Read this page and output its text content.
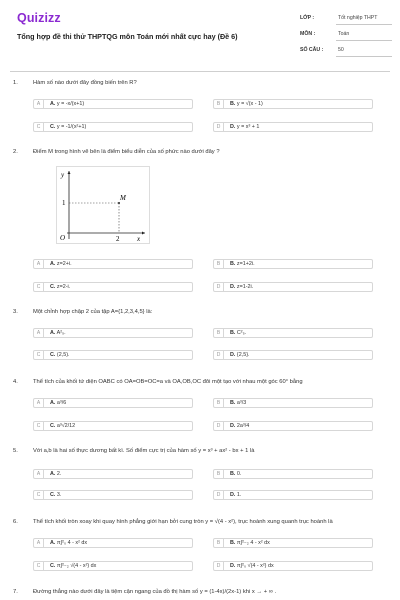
Quizizz
Tổng hợp đề thi thử THPTQG môn Toán mới nhất cực hay (Đề 6)
LỚP :	Tốt nghiệp THPT
MÔN :	Toán
SỐ CÂU :	50
1.	Hàm số nào dưới đây đồng biến trên R?
A	A. y = -x/(x+1)	B	B. y = √(x - 1)
C	C. y = -1/(x²+1)	D	D. y = x³ + 1
2.	Điểm M trong hình vẽ bên là điểm biểu diễn của số phức nào dưới đây ?
y
x
O
1
2
M
A	A. z=2+i.	B	B. z=1+2i.
C	C. z=2-i.	D	D. z=1-2i.
3.	Một chỉnh hợp chập 2 của tập A={1,2,3,4,5} là:
A	A. A²₅.	B	B. C²₅.
C	C. (2,5).	D	D. {2,5}.
4.	Thể tích của khối tứ diện OABC có OA=OB=OC=a và OA,OB,OC đôi một tạo với nhau một góc 60° bằng
A	A. a³/6	B	B. a³/3
C	C. a³√2/12	D	D. 2a³/4
5.	Với a,b là hai số thực dương bất kì. Số điểm cực trị của hàm số y = x³ + ax² - bx + 1 là
A	A. 2.	B	B. 0.
C	C. 3.	D	D. 1.
6.	Thể tích khối tròn xoay khi quay hình phẳng giới hạn bởi cung tròn y = √(4 - x²), trục hoành xung quanh trục hoành là
A	A. π∫²₀ 4 - x² dx	B	B. π∫²₋₂ 4 - x² dx
C	C. π∫²₋₂ √(4 - x²) dx	D	D. π∫²₀ √(4 - x²) dx
7.	Đường thẳng nào dưới đây là tiệm cận ngang của đồ thị hàm số y = (1-4x)/(2x-1) khi x → + ∞ .
